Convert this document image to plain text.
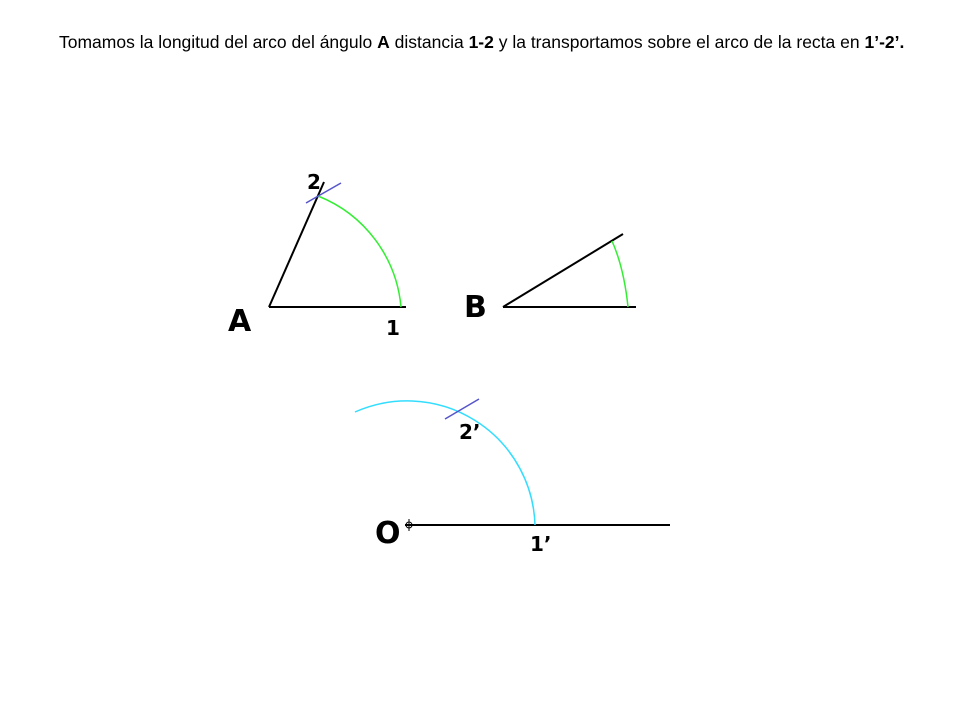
Tomamos la longitud del arco del ángulo A distancia 1-2 y la transportamos sobre el arco de la recta en 1’-2’.

A	1
2
B
O	1’
2’
